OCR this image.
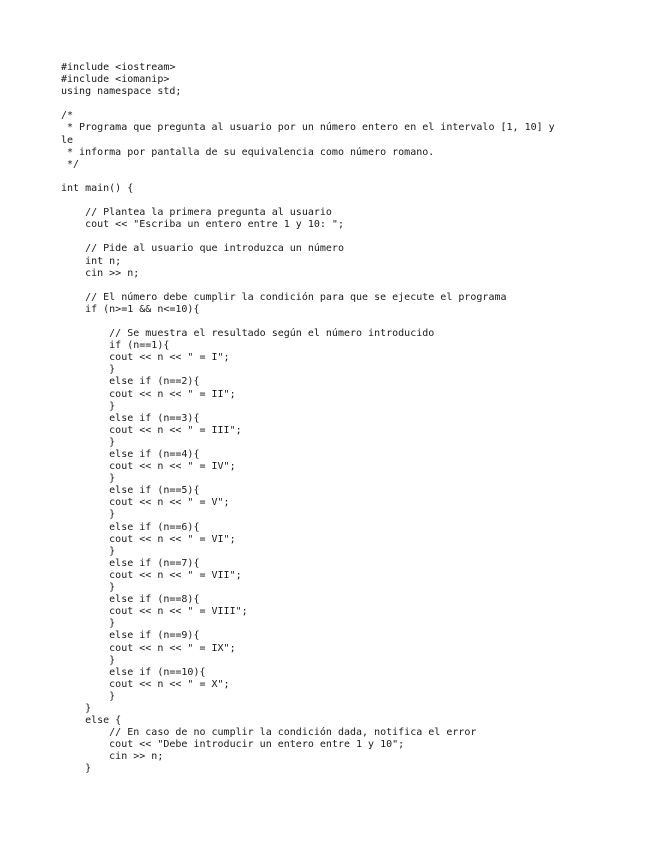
#include <iostream>
#include <iomanip>
using namespace std;
/*
* Programa que pregunta al usuario por un número entero en el intervalo [1, 10] y
le
* informa por pantalla de su equivalencia como número romano.
*/
int main() {
// Plantea la primera pregunta al usuario
cout << "Escriba un entero entre 1 y 10: ";
// Pide al usuario que introduzca un número
int n;
cin >> n;
// El número debe cumplir la condición para que se ejecute el programa
if (n>=1 && n<=10){
// Se muestra el resultado según el número introducido
if (n==1){
cout << n << " = I";
}
else if (n==2){
cout << n << " = II";
}
else if (n==3){
cout << n << " = III";
}
else if (n==4){
cout << n << " = IV";
}
else if (n==5){
cout << n << " = V";
}
else if (n==6){
cout << n << " = VI";
}
else if (n==7){
cout << n << " = VII";
}
else if (n==8){
cout << n << " = VIII";
}
else if (n==9){
cout << n << " = IX";
}
else if (n==10){
cout << n << " = X";
}
}
else {
// En caso de no cumplir la condición dada, notifica el error
cout << "Debe introducir un entero entre 1 y 10";
cin >> n;
}
